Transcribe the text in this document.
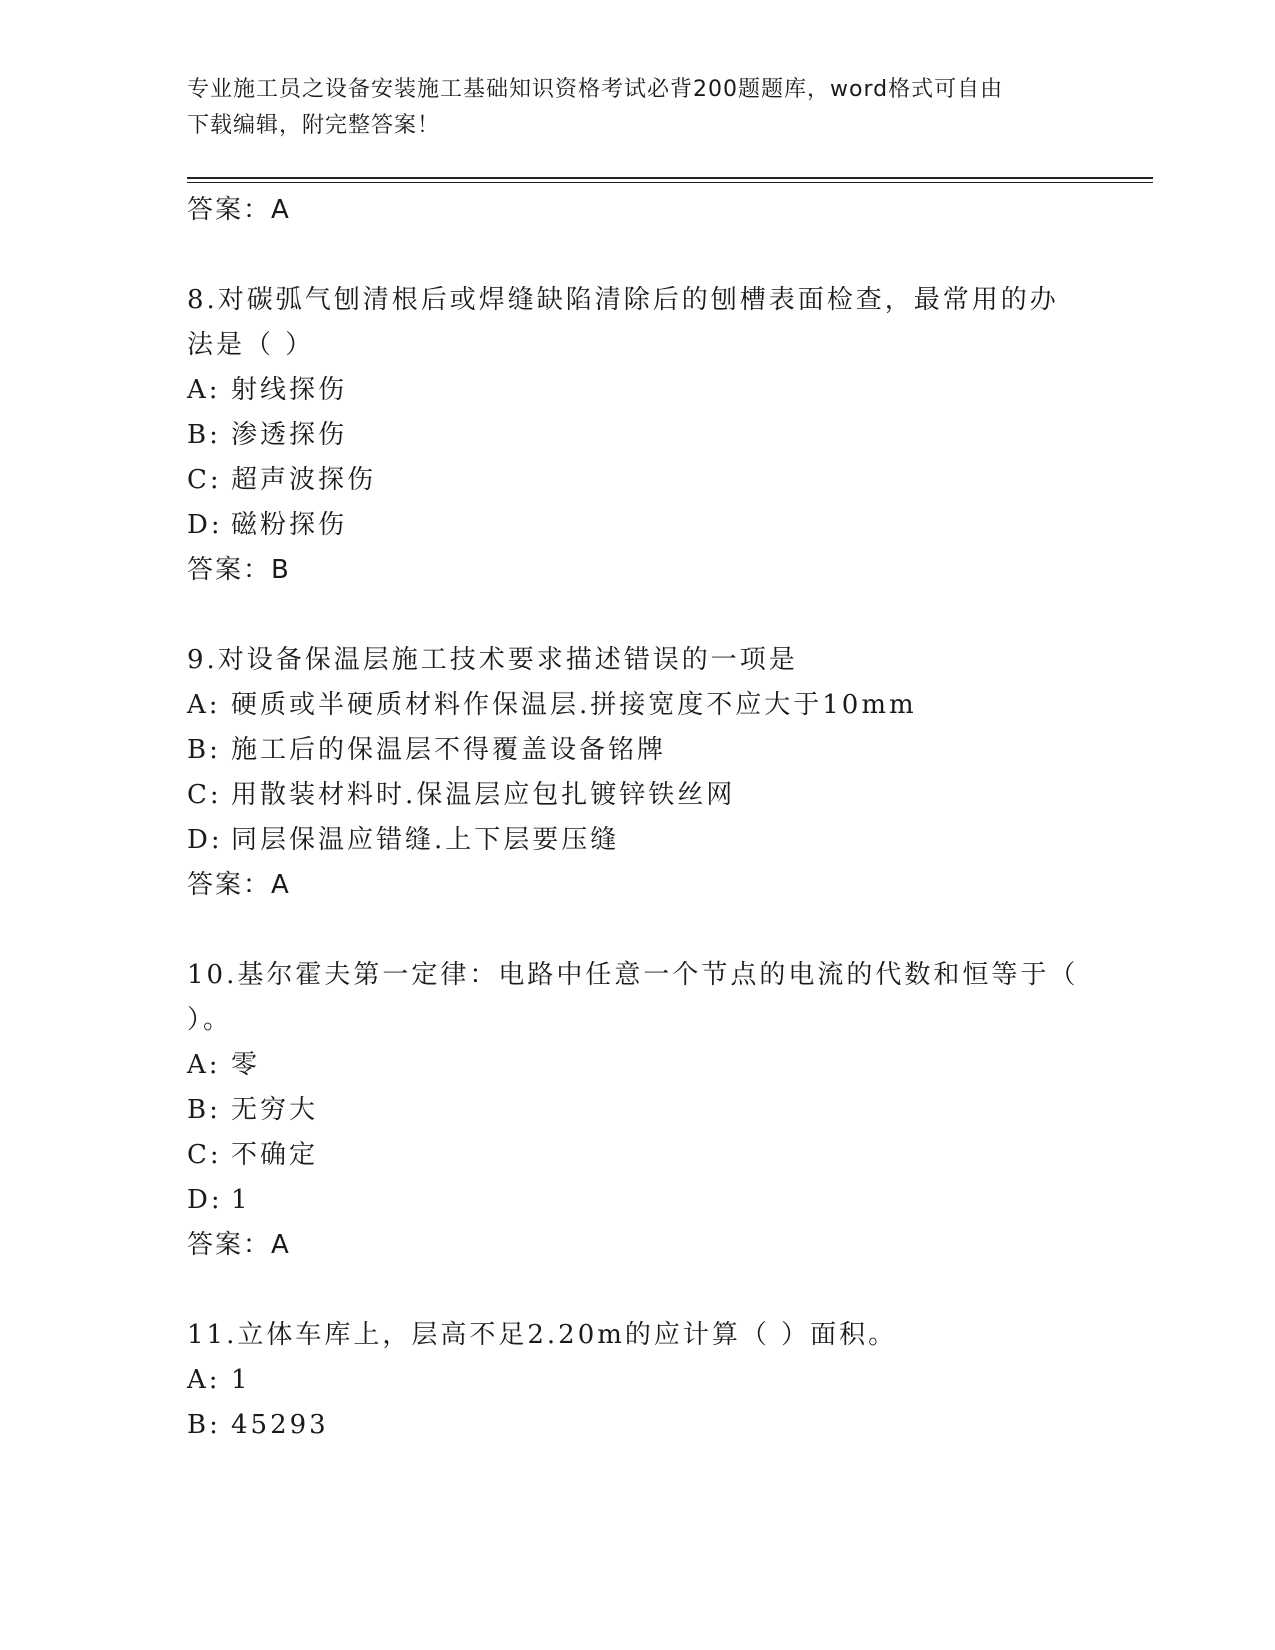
专业施工员之设备安装施工基础知识资格考试必背200题题库，word格式可自由
下载编辑，附完整答案！
答案：A
8.对碳弧气刨清根后或焊缝缺陷清除后的刨槽表面检查，最常用的办
法是（ ）
A: 射线探伤
B: 渗透探伤
C: 超声波探伤
D: 磁粉探伤
答案：B
9.对设备保温层施工技术要求描述错误的一项是
A: 硬质或半硬质材料作保温层.拼接宽度不应大于10mm
B: 施工后的保温层不得覆盖设备铭牌
C: 用散装材料时.保温层应包扎镀锌铁丝网
D: 同层保温应错缝.上下层要压缝
答案：A
10.基尔霍夫第一定律：电路中任意一个节点的电流的代数和恒等于（
）。
A: 零
B: 无穷大
C: 不确定
D: 1
答案：A
11.立体车库上，层高不足2.20m的应计算（ ）面积。
A: 1
B: 45293
